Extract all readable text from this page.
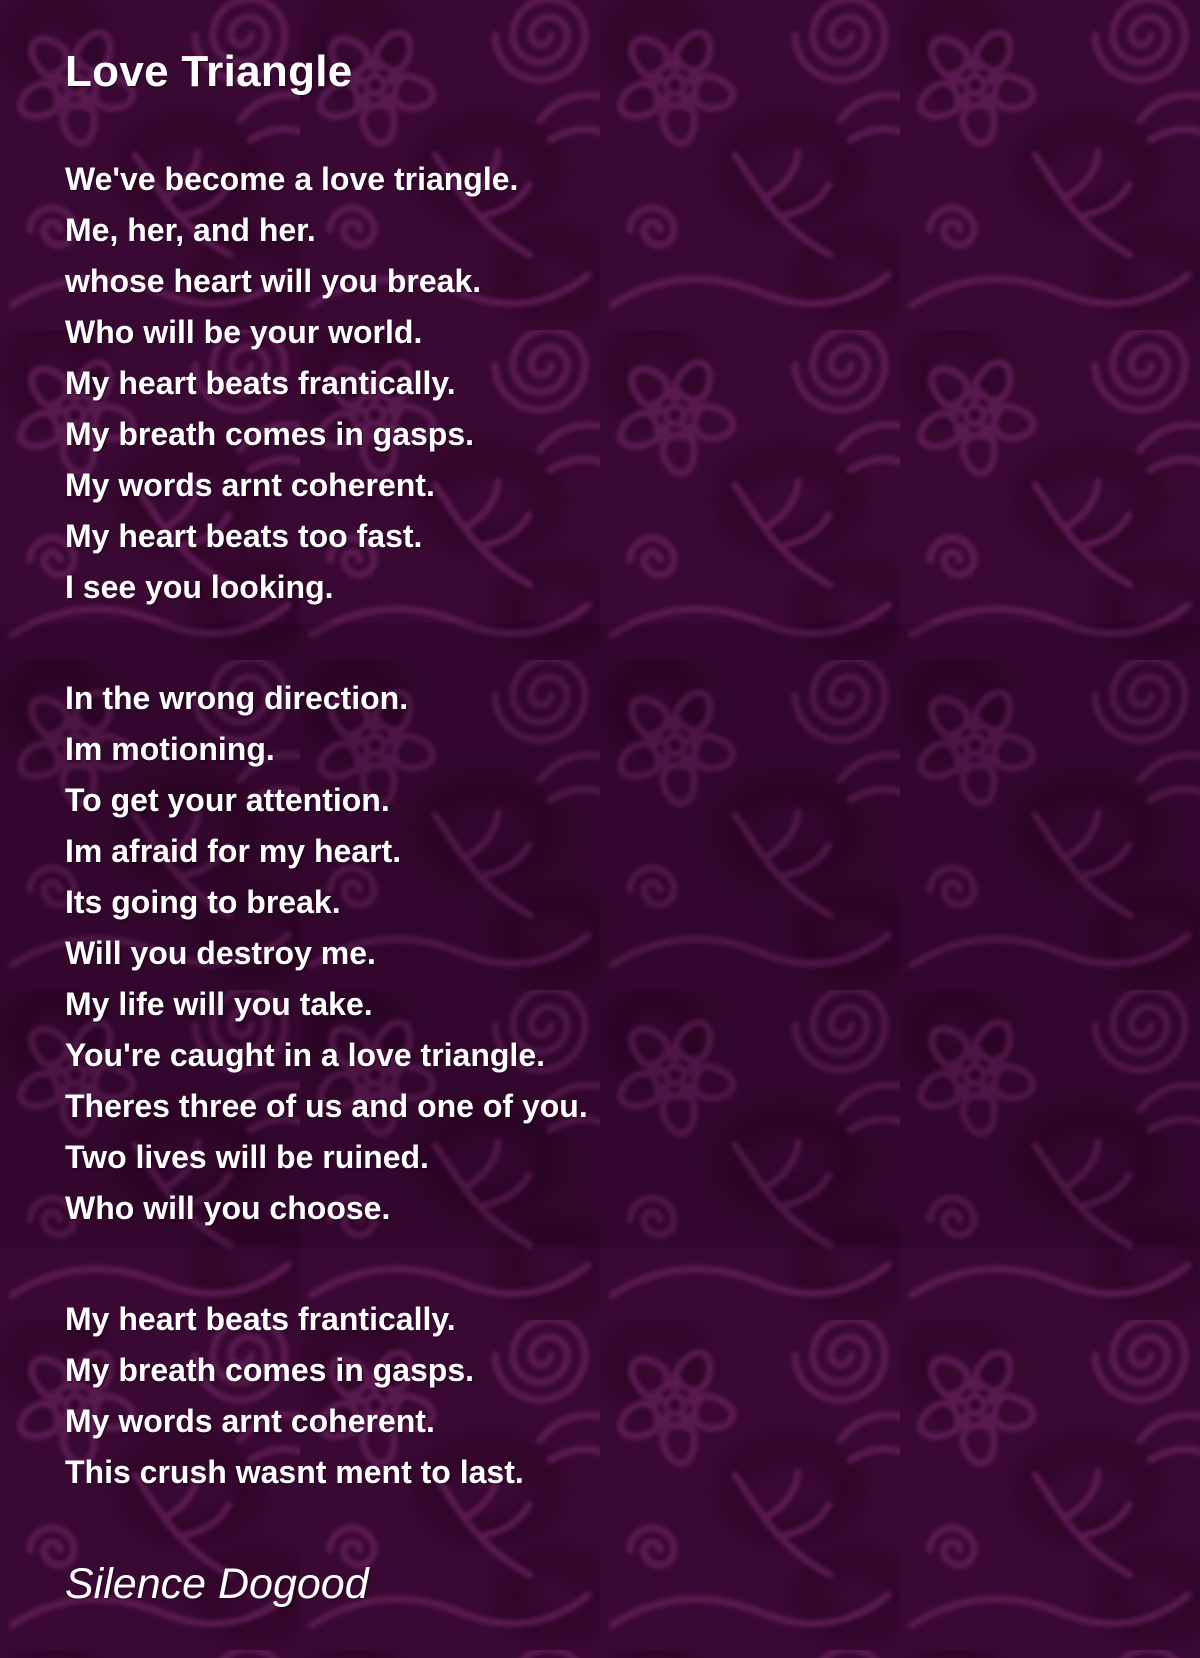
Love Triangle

We've become a love triangle.
Me, her, and her.
whose heart will you break.
Who will be your world.
My heart beats frantically.
My breath comes in gasps.
My words arnt coherent.
My heart beats too fast.
I see you looking.

In the wrong direction.
Im motioning.
To get your attention.
Im afraid for my heart.
Its going to break.
Will you destroy me.
My life will you take.
You're caught in a love triangle.
Theres three of us and one of you.
Two lives will be ruined.
Who will you choose.

My heart beats frantically.
My breath comes in gasps.
My words arnt coherent.
This crush wasnt ment to last.

Silence Dogood
